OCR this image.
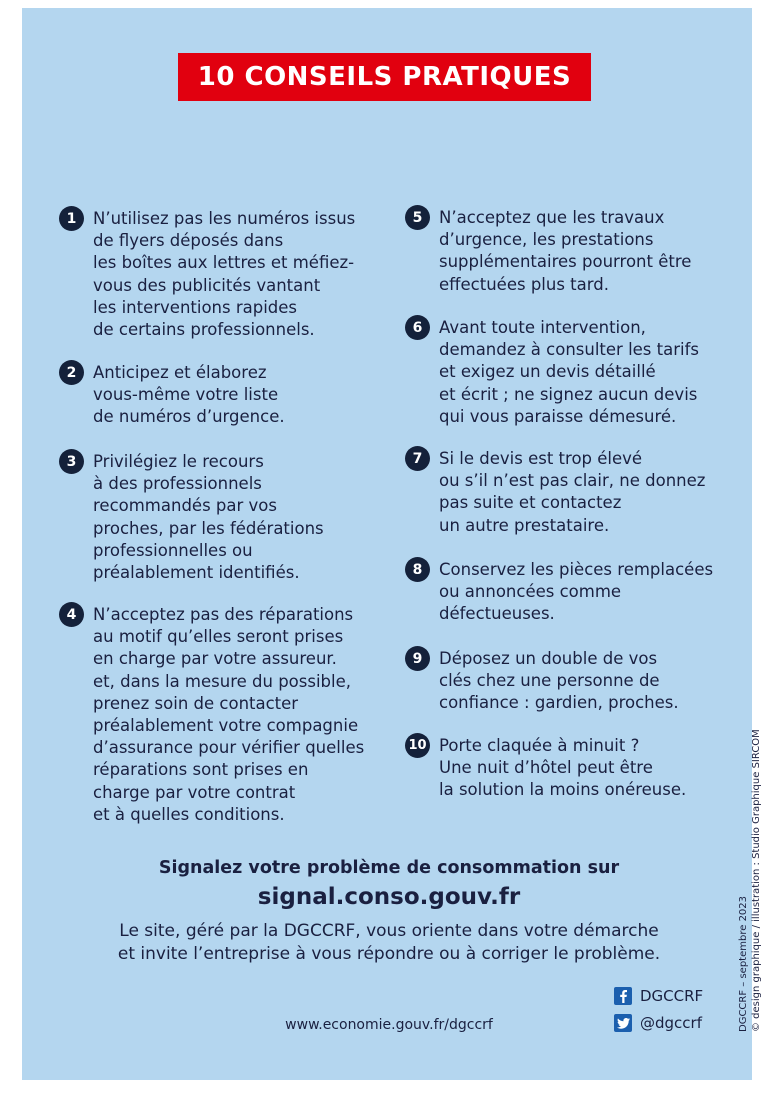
10 CONSEILS PRATIQUES
1	N’utilisez pas les numéros issus
de flyers déposés dans
les boîtes aux lettres et méfiez-
vous des publicités vantant
les interventions rapides
de certains professionnels.
2	Anticipez et élaborez
vous-même votre liste
de numéros d’urgence.
3	Privilégiez le recours
à des professionnels
recommandés par vos
proches, par les fédérations
professionnelles ou
préalablement identifiés.
4	N’acceptez pas des réparations
au motif qu’elles seront prises
en charge par votre assureur.
et, dans la mesure du possible,
prenez soin de contacter
préalablement votre compagnie
d’assurance pour vérifier quelles
réparations sont prises en
charge par votre contrat
et à quelles conditions.
5	N’acceptez que les travaux
d’urgence, les prestations
supplémentaires pourront être
effectuées plus tard.
6	Avant toute intervention,
demandez à consulter les tarifs
et exigez un devis détaillé
et écrit ; ne signez aucun devis
qui vous paraisse démesuré.
7	Si le devis est trop élevé
ou s’il n’est pas clair, ne donnez
pas suite et contactez
un autre prestataire.
8	Conservez les pièces remplacées
ou annoncées comme
défectueuses.
9	Déposez un double de vos
clés chez une personne de
confiance : gardien, proches.
10 Porte claquée à minuit ?
Une nuit d’hôtel peut être
la solution la moins onéreuse.
Signalez votre problème de consommation sur
signal.conso.gouv.fr
Le site, géré par la DGCCRF, vous oriente dans votre démarche
et invite l’entreprise à vous répondre ou à corriger le problème.
www.economie.gouv.fr/dgccrf
DGCCRF
@dgccrf	DGCCRF – septembre 2023 © design graphique / illustration : Studio Graphique SIRCOM
